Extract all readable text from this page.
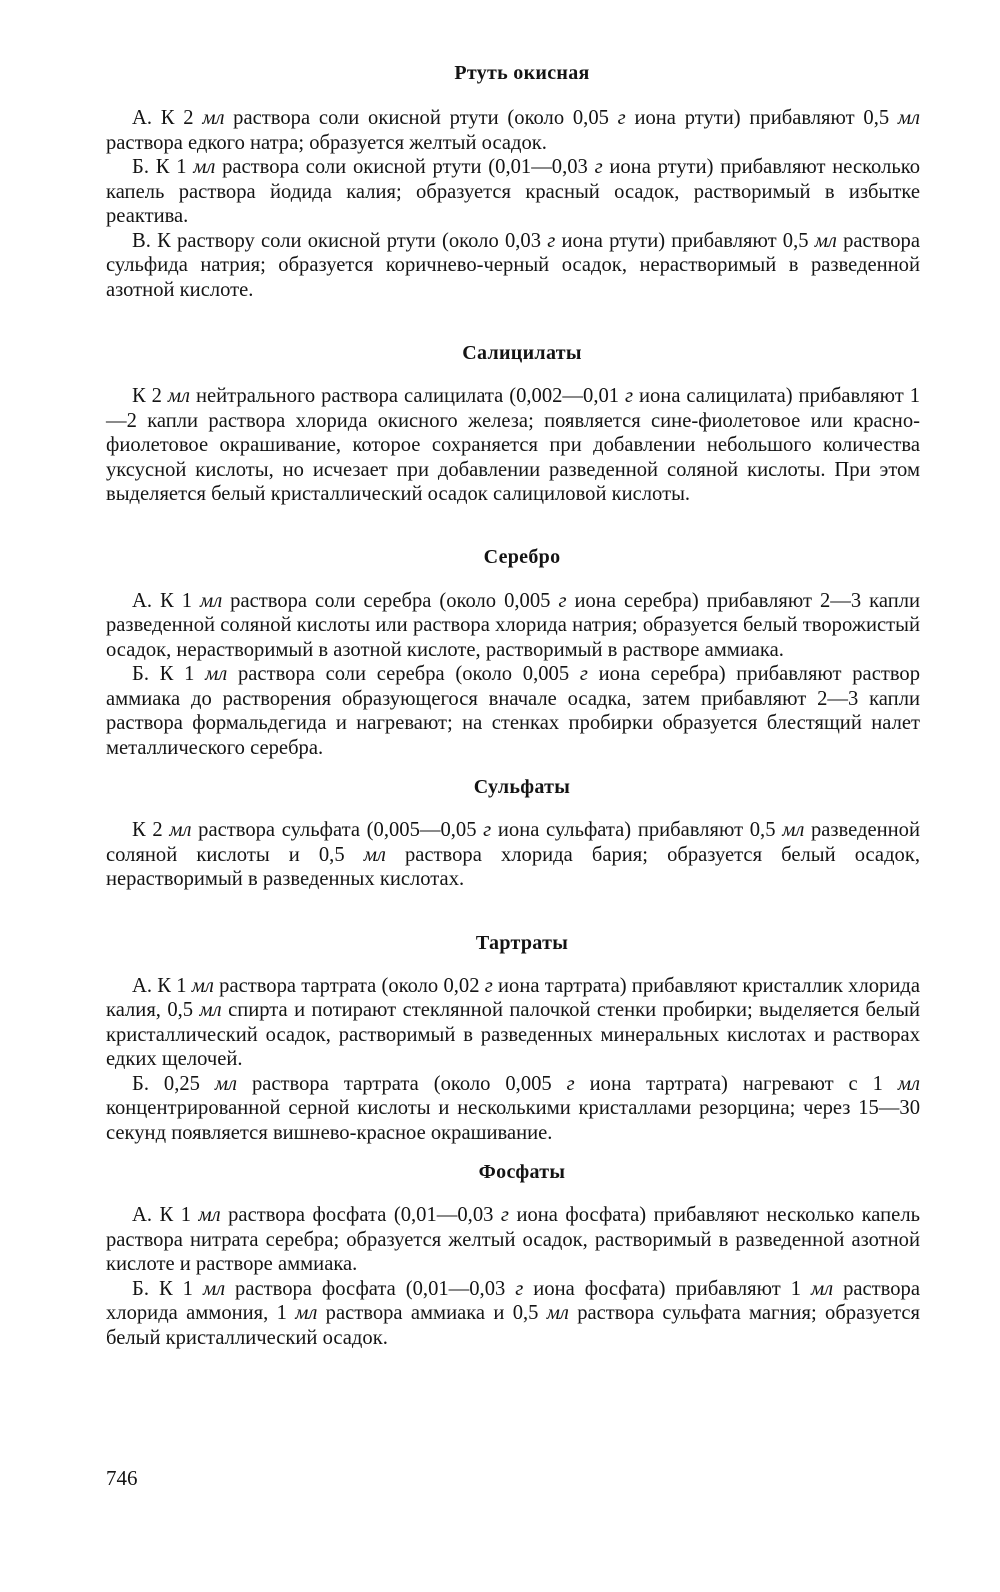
Ртуть окисная

А. К 2 мл раствора соли окисной ртути (около 0,05 г иона ртути) прибавляют 0,5 мл раствора едкого натра; образуется желтый осадок.

Б. К 1 мл раствора соли окисной ртути (0,01—0,03 г иона ртути) прибавляют несколько капель раствора йодида калия; образуется красный осадок, растворимый в избытке реактива.

В. К раствору соли окисной ртути (около 0,03 г иона ртути) прибавляют 0,5 мл раствора сульфида натрия; образуется коричнево-черный осадок, нерастворимый в разведенной азотной кислоте.

Салицилаты

К 2 мл нейтрального раствора салицилата (0,002—0,01 г иона салицилата) прибавляют 1—2 капли раствора хлорида окисного железа; появляется сине-фиолетовое или красно-фиолетовое окрашивание, которое сохраняется при добавлении небольшого количества уксусной кислоты, но исчезает при добавлении разведенной соляной кислоты. При этом выделяется белый кристаллический осадок салициловой кислоты.

Серебро

А. К 1 мл раствора соли серебра (около 0,005 г иона серебра) прибавляют 2—3 капли разведенной соляной кислоты или раствора хлорида натрия; образуется белый творожистый осадок, нерастворимый в азотной кислоте, растворимый в растворе аммиака.

Б. К 1 мл раствора соли серебра (около 0,005 г иона серебра) прибавляют раствор аммиака до растворения образующегося вначале осадка, затем прибавляют 2—3 капли раствора формальдегида и нагревают; на стенках пробирки образуется блестящий налет металлического серебра.

Сульфаты

К 2 мл раствора сульфата (0,005—0,05 г иона сульфата) прибавляют 0,5 мл разведенной соляной кислоты и 0,5 мл раствора хлорида бария; образуется белый осадок, нерастворимый в разведенных кислотах.

Тартраты

А. К 1 мл раствора тартрата (около 0,02 г иона тартрата) прибавляют кристаллик хлорида калия, 0,5 мл спирта и потирают стеклянной палочкой стенки пробирки; выделяется белый кристаллический осадок, растворимый в разведенных минеральных кислотах и растворах едких щелочей.

Б. 0,25 мл раствора тартрата (около 0,005 г иона тартрата) нагревают с 1 мл концентрированной серной кислоты и несколькими кристаллами резорцина; через 15—30 секунд появляется вишнево-красное окрашивание.

Фосфаты

А. К 1 мл раствора фосфата (0,01—0,03 г иона фосфата) прибавляют несколько капель раствора нитрата серебра; образуется желтый осадок, растворимый в разведенной азотной кислоте и растворе аммиака.

Б. К 1 мл раствора фосфата (0,01—0,03 г иона фосфата) прибавляют 1 мл раствора хлорида аммония, 1 мл раствора аммиака и 0,5 мл раствора сульфата магния; образуется белый кристаллический осадок.

746
